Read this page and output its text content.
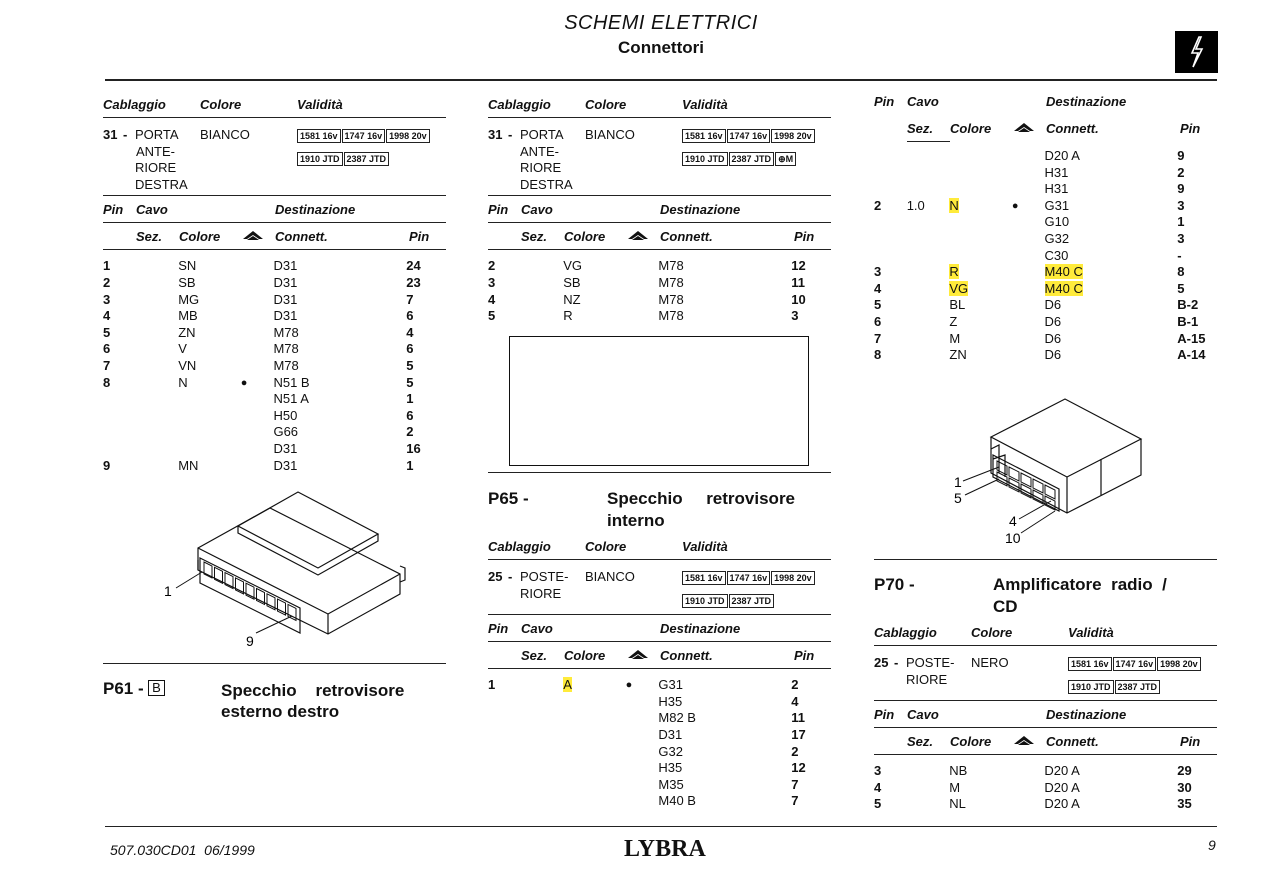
SCHEMI ELETTRICI
Connettori
Cablaggio	Colore	Validità
31 - PORTA
ANTE-
RIORE
DESTRA
BIANCO	1581 16v 1747 16v 1998 20v
1910 JTD 2387 JTD
Pin Cavo	Destinazione
Sez.	Colore	Connett.	Pin
1		SN		D31	24
2		SB		D31	23
3		MG		D31	7
4		MB		D31	6
5		ZN		M78	4
6		V		M78	6
7		VN		M78	5
8		N	●	N51 B	5
				N51 A	1
				H50	6
				G66	2
				D31	16
9		MN		D31	1
1
9
P61 - B	Specchio    retrovisore
esterno destro
Cablaggio	Colore	Validità
31 - PORTA
ANTE-
RIORE
DESTRA
BIANCO	1581 16v 1747 16v 1998 20v
1910 JTD 2387 JTD ⊕M
Pin Cavo	Destinazione
Sez.	Colore	Connett.	Pin
2		VG		M78	12
3		SB		M78	11
4		NZ		M78	10
5		R		M78	3
P65 -	Specchio     retrovisore
interno
Cablaggio	Colore	Validità
25 - POSTE-
RIORE
BIANCO	1581 16v 1747 16v 1998 20v
1910 JTD 2387 JTD
Pin Cavo	Destinazione
Sez.	Colore	Connett.	Pin
1		A	●	G31	2
				H35	4
				M82 B	11
				D31	17
				G32	2
				H35	12
				M35	7
				M40 B	7
Pin Cavo	Destinazione
Sez.	Colore	Connett.	Pin
				D20 A	9
				H31	2
				H31	9
2	1.0	N	●	G31	3
				G10	1
				G32	3
				C30	-
3		R		M40 C	8
4		VG		M40 C	5
5		BL		D6	B-2
6		Z		D6	B-1
7		M		D6	A-15
8		ZN		D6	A-14
1
5
4
10
P70 -	Amplificatore  radio  /
CD
Cablaggio	Colore	Validità
25 - POSTE-
RIORE
NERO	1581 16v 1747 16v 1998 20v
1910 JTD 2387 JTD
Pin Cavo	Destinazione
Sez.	Colore	Connett.	Pin
3		NB		D20 A	29
4		M		D20 A	30
5		NL		D20 A	35
507.030CD01  06/1999	LYBRA	9
